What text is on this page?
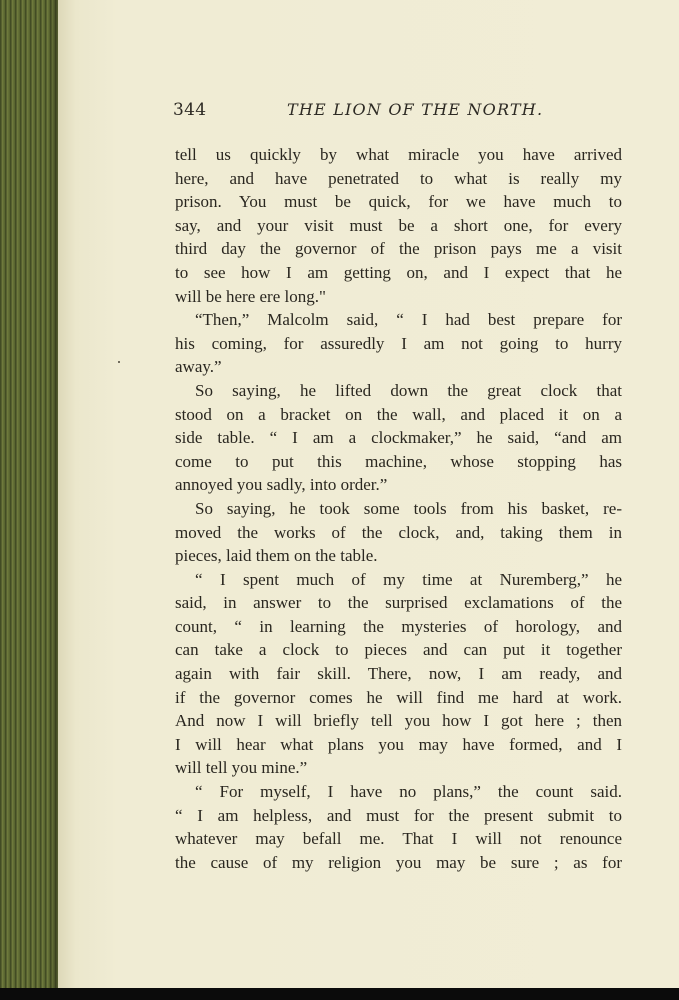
344	THE LION OF THE NORTH.
tell us quickly by what miracle you have arrived
here, and have penetrated to what is really my
prison. You must be quick, for we have much to
say, and your visit must be a short one, for every
third day the governor of the prison pays me a visit
to see how I am getting on, and I expect that he
will be here ere long."
“Then,” Malcolm said, “ I had best prepare for
his coming, for assuredly I am not going to hurry
away.”
So saying, he lifted down the great clock that
stood on a bracket on the wall, and placed it on a
side table. “ I am a clockmaker,” he said, “and am
come to put this machine, whose stopping has
annoyed you sadly, into order.”
So saying, he took some tools from his basket, re-
moved the works of the clock, and, taking them in
pieces, laid them on the table.
“ I spent much of my time at Nuremberg,” he
said, in answer to the surprised exclamations of the
count, “ in learning the mysteries of horology, and
can take a clock to pieces and can put it together
again with fair skill. There, now, I am ready, and
if the governor comes he will find me hard at work.
And now I will briefly tell you how I got here ; then
I will hear what plans you may have formed, and I
will tell you mine.”
“ For myself, I have no plans,” the count said.
“ I am helpless, and must for the present submit to
whatever may befall me. That I will not renounce
the cause of my religion you may be sure ; as for
